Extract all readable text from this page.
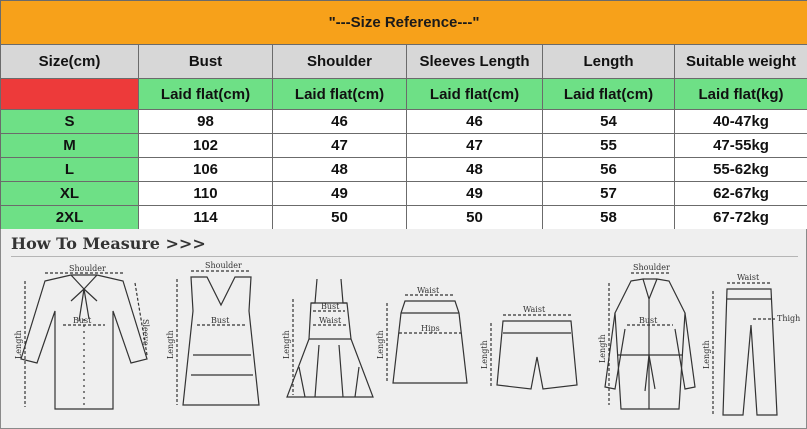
"---Size Reference---"					
Size(cm)	Bust	Shoulder	Sleeves Length	Length	Suitable weight
	Laid flat(cm)	Laid flat(cm)	Laid flat(cm)	Laid flat(cm)	Laid flat(kg)
S	98	46	46	54	40-47kg
M	102	47	47	55	47-55kg
L	106	48	48	56	55-62kg
XL	110	49	49	57	62-67kg
2XL	114	50	50	58	67-72kg
How To Measure >>>
Shoulder
Bust	Sleeve
Length
Shoulder
Bust
Length
Bust
Waist
Length
Waist
Hips
Length
Waist
Length
Shoulder
Bust
Length
Waist
Thigh
Length
